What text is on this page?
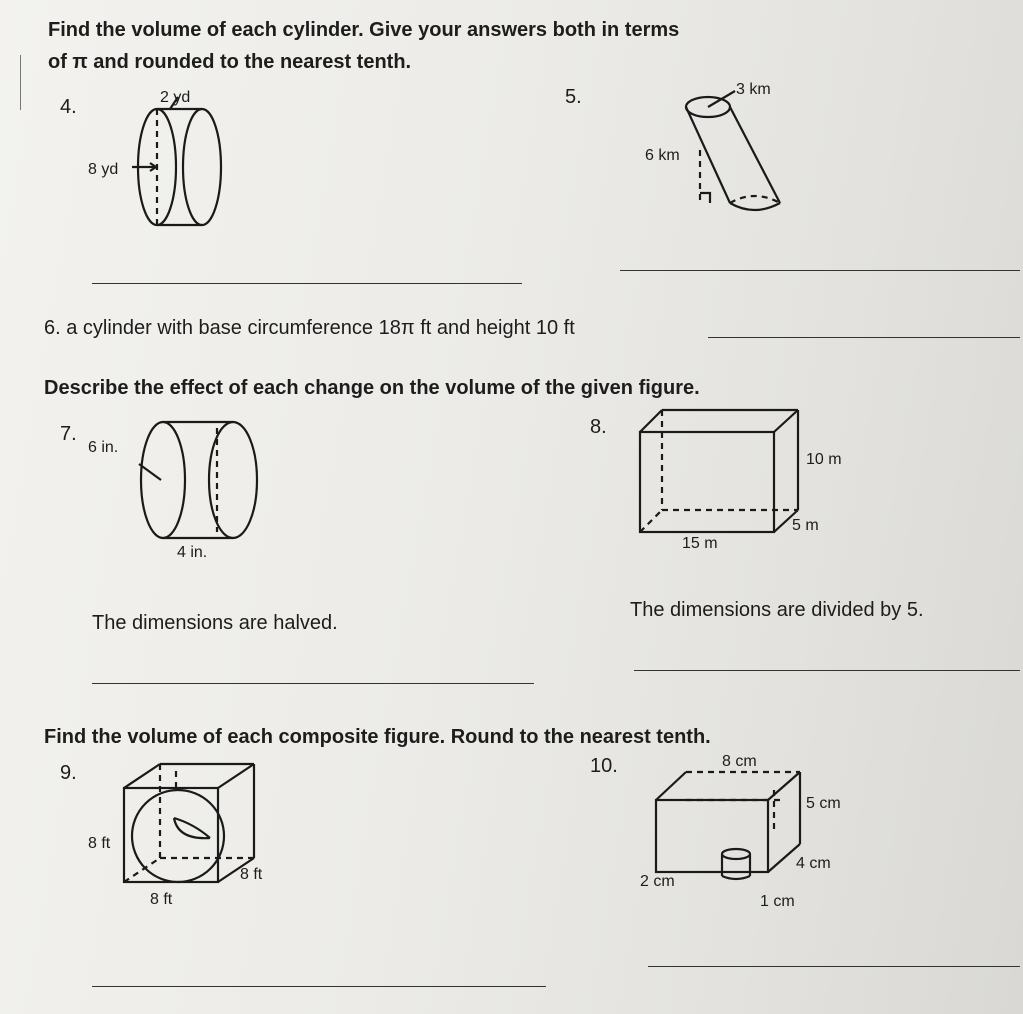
Find the volume of each cylinder. Give your answers both in terms
of π and rounded to the nearest tenth.
4.	2 yd
8 yd
5.	3 km
6 km
6. a cylinder with base circumference 18π ft and height 10 ft
Describe the effect of each change on the volume of the given figure.
7.
6 in.
4 in.
The dimensions are halved.
8.
10 m
5 m
15 m
The dimensions are divided by 5.
Find the volume of each composite figure. Round to the nearest tenth.
9.
8 ft
8 ft
8 ft
10.	8 cm
5 cm
4 cm
2 cm
1 cm
